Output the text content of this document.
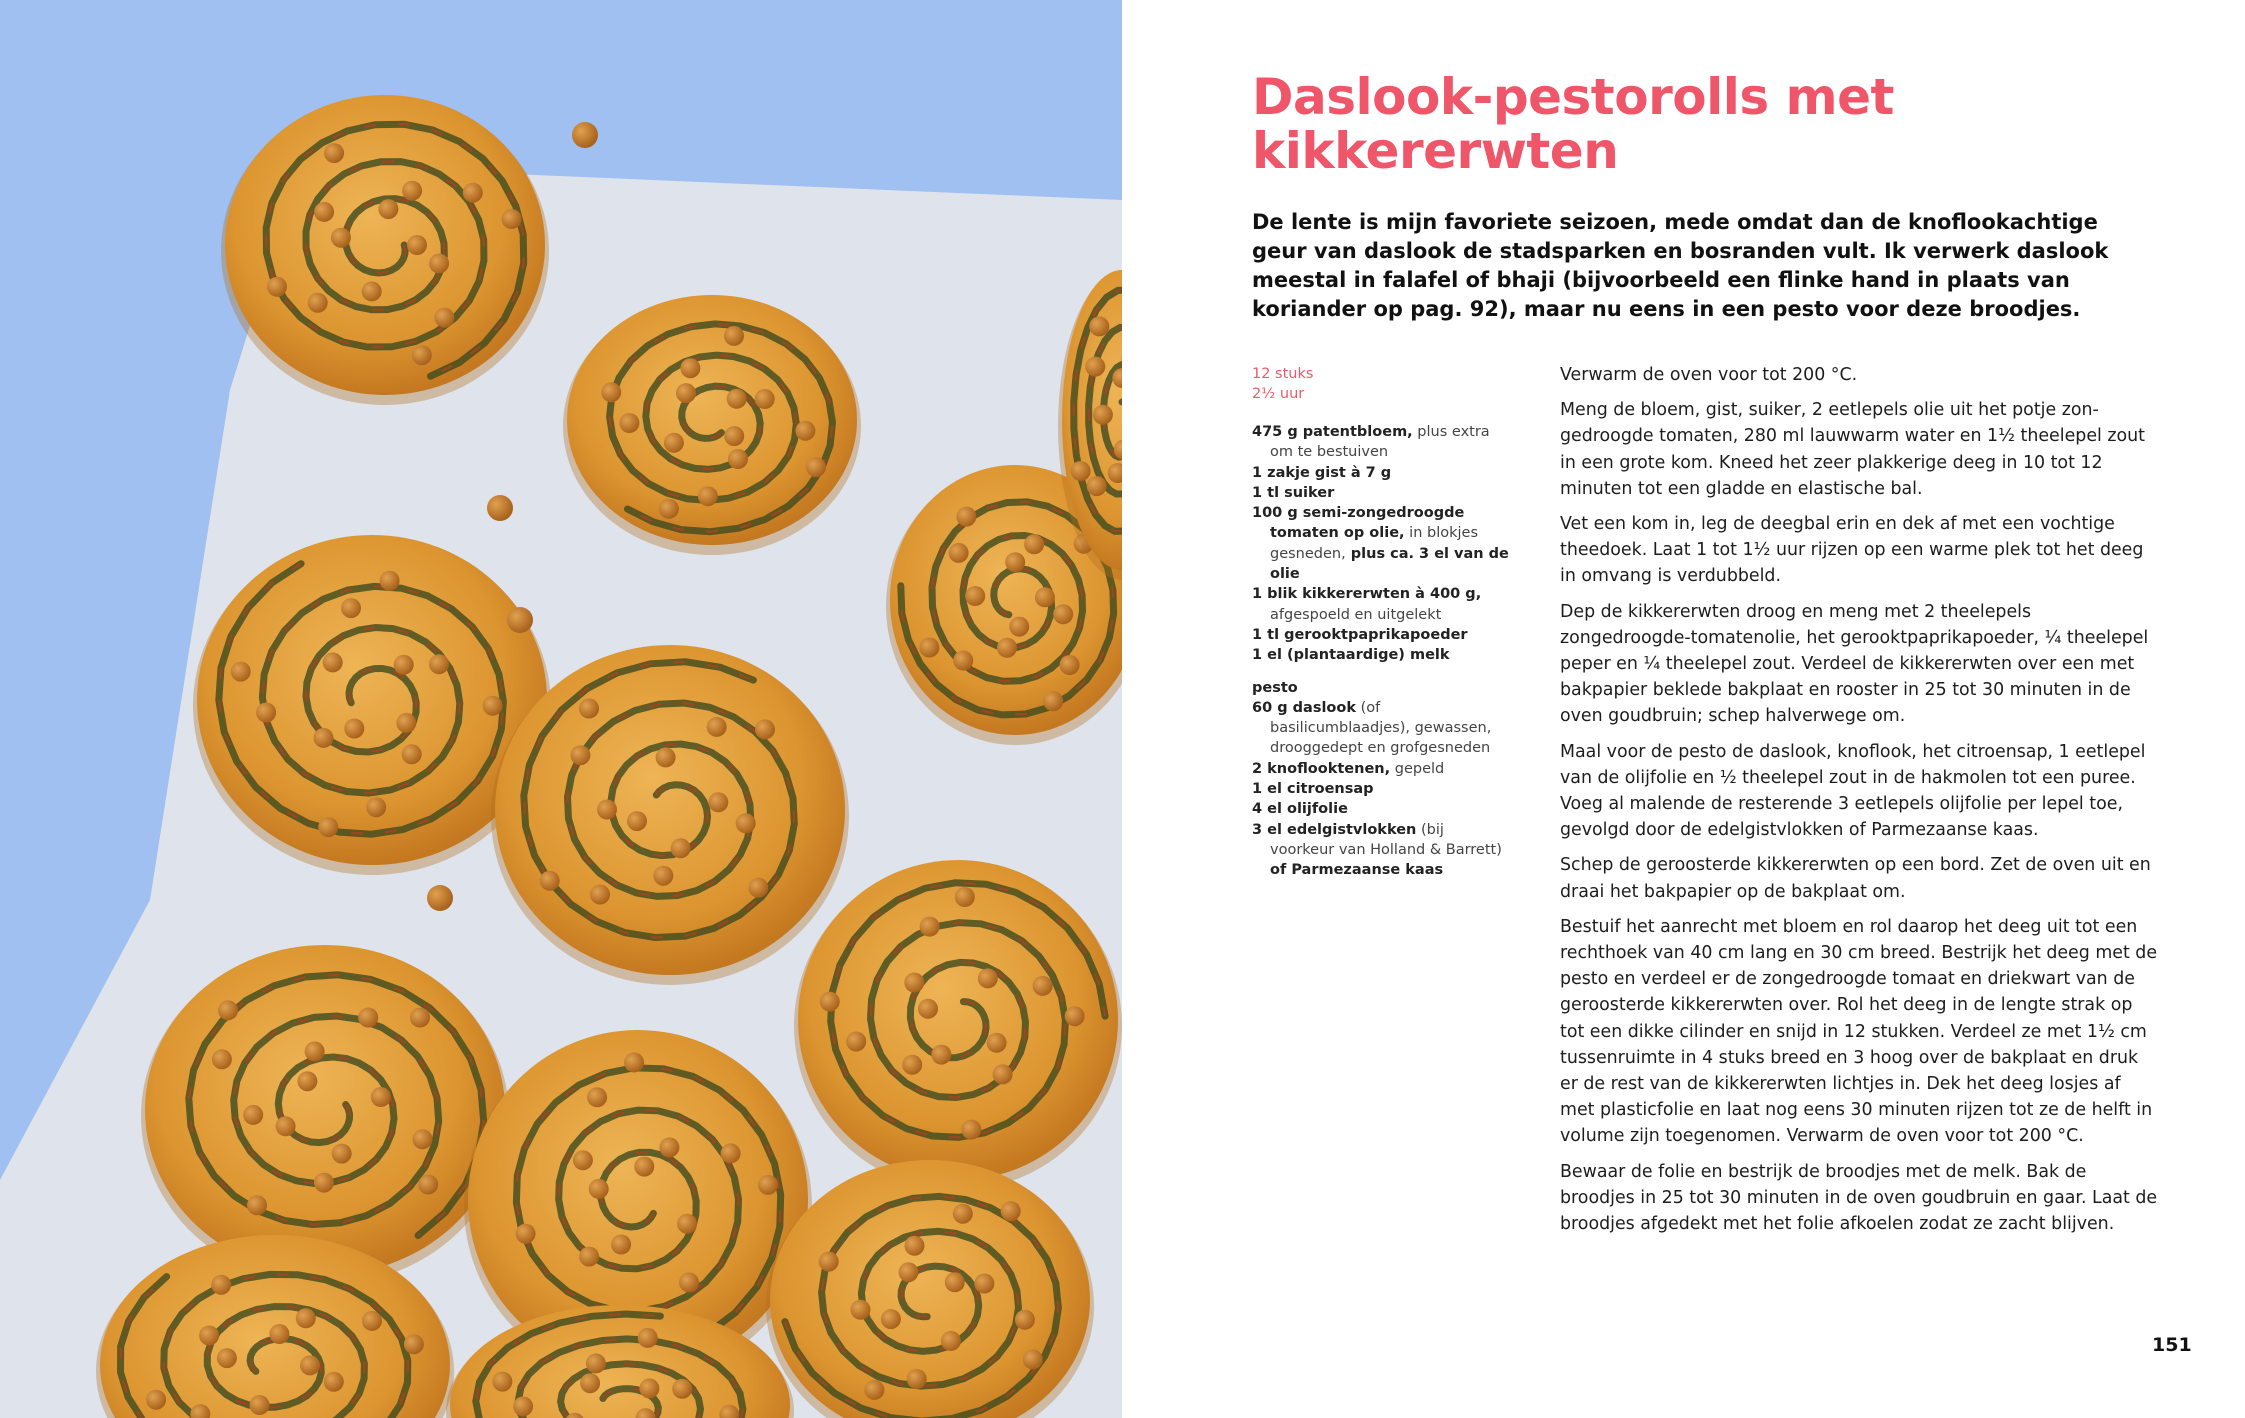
Daslook-pestorolls met kikkererwten

De lente is mijn favoriete seizoen, mede omdat dan de knoflookachtige geur van daslook de stadsparken en bosranden vult. Ik verwerk daslook meestal in falafel of bhaji (bijvoorbeeld een flinke hand in plaats van koriander op pag. 92), maar nu eens in een pesto voor deze broodjes.

12 stuks
2½ uur
475 g patentbloem, plus extra om te bestuiven
1 zakje gist à 7 g
1 tl suiker
100 g semi-zongedroogde tomaten op olie, in blokjes gesneden, plus ca. 3 el van de olie
1 blik kikkererwten à 400 g, afgespoeld en uitgelekt
1 tl gerooktpaprikapoeder
1 el (plantaardige) melk
pesto
60 g daslook (of basilicumblaadjes), gewassen, drooggedept en grofgesneden
2 knoflooktenen, gepeld
1 el citroensap
4 el olijfolie
3 el edelgistvlokken (bij voorkeur van Holland & Barrett) of Parmezaanse kaas

Verwarm de oven voor tot 200 °C.

Meng de bloem, gist, suiker, 2 eetlepels olie uit het potje zon-gedroogde tomaten, 280 ml lauwwarm water en 1½ theelepel zout in een grote kom. Kneed het zeer plakkerige deeg in 10 tot 12 minuten tot een gladde en elastische bal.

Vet een kom in, leg de deegbal erin en dek af met een vochtige theedoek. Laat 1 tot 1½ uur rijzen op een warme plek tot het deeg in omvang is verdubbeld.

Dep de kikkererwten droog en meng met 2 theelepels zongedroogde-tomatenolie, het gerooktpaprikapoeder, ¼ theelepel peper en ¼ theelepel zout. Verdeel de kikkererwten over een met bakpapier beklede bakplaat en rooster in 25 tot 30 minuten in de oven goudbruin; schep halverwege om.

Maal voor de pesto de daslook, knoflook, het citroensap, 1 eetlepel van de olijfolie en ½ theelepel zout in de hakmolen tot een puree. Voeg al malende de resterende 3 eetlepels olijfolie per lepel toe, gevolgd door de edelgistvlokken of Parmezaanse kaas.

Schep de geroosterde kikkererwten op een bord. Zet de oven uit en draai het bakpapier op de bakplaat om.

Bestuif het aanrecht met bloem en rol daarop het deeg uit tot een rechthoek van 40 cm lang en 30 cm breed. Bestrijk het deeg met de pesto en verdeel er de zongedroogde tomaat en driekwart van de geroosterde kikkererwten over. Rol het deeg in de lengte strak op tot een dikke cilinder en snijd in 12 stukken. Verdeel ze met 1½ cm tussenruimte in 4 stuks breed en 3 hoog over de bakplaat en druk er de rest van de kikkererwten lichtjes in. Dek het deeg losjes af met plasticfolie en laat nog eens 30 minuten rijzen tot ze de helft in volume zijn toegenomen. Verwarm de oven voor tot 200 °C.

Bewaar de folie en bestrijk de broodjes met de melk. Bak de broodjes in 25 tot 30 minuten in de oven goudbruin en gaar. Laat de broodjes afgedekt met het folie afkoelen zodat ze zacht blijven.

151
